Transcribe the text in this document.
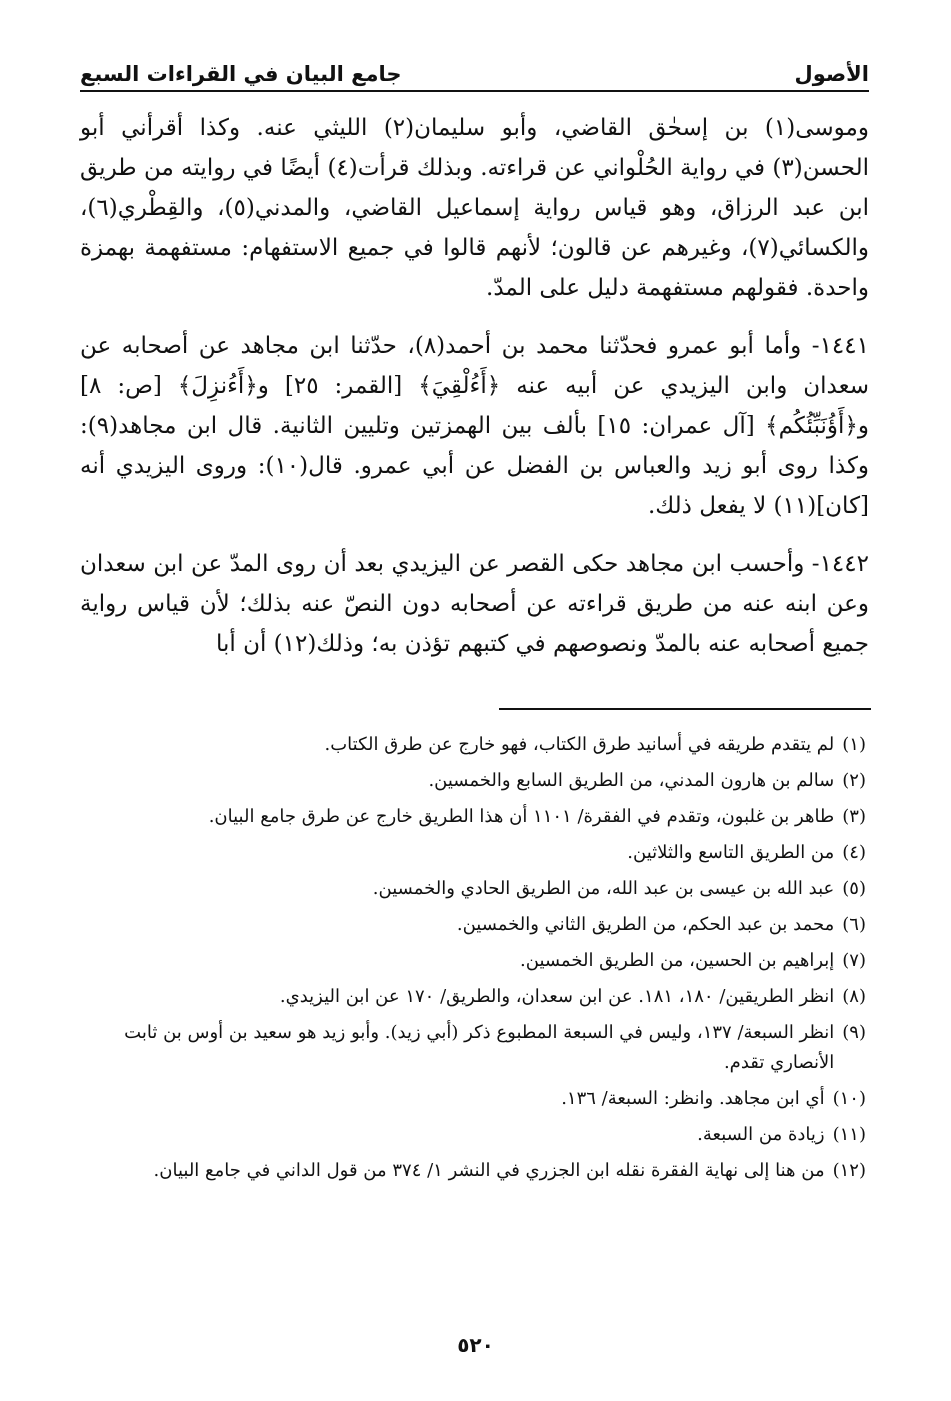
الأصول
جامع البيان في القراءات السبع

وموسى(١) بن إسحٰق القاضي، وأبو سليمان(٢) الليثي عنه. وكذا أقرأني أبو الحسن(٣) في رواية الحُلْواني عن قراءته. وبذلك قرأت(٤) أيضًا في روايته من طريق ابن عبد الرزاق، وهو قياس رواية إسماعيل القاضي، والمدني(٥)، والقِطْري(٦)، والكسائي(٧)، وغيرهم عن قالون؛ لأنهم قالوا في جميع الاستفهام: مستفهمة بهمزة واحدة. فقولهم مستفهمة دليل على المدّ.

١٤٤١- وأما أبو عمرو فحدّثنا محمد بن أحمد(٨)، حدّثنا ابن مجاهد عن أصحابه عن سعدان وابن اليزيدي عن أبيه عنه ﴿أَءُلْقِيَ﴾ [القمر: ٢٥] و﴿أَءُنزِلَ﴾ [ص: ٨] و﴿أَؤُنَبِّئُكُم﴾ [آل عمران: ١٥] بألف بين الهمزتين وتليين الثانية. قال ابن مجاهد(٩): وكذا روى أبو زيد والعباس بن الفضل عن أبي عمرو. قال(١٠): وروى اليزيدي أنه [كان](١١) لا يفعل ذلك.

١٤٤٢- وأحسب ابن مجاهد حكى القصر عن اليزيدي بعد أن روى المدّ عن ابن سعدان وعن ابنه عنه من طريق قراءته عن أصحابه دون النصّ عنه بذلك؛ لأن قياس رواية جميع أصحابه عنه بالمدّ ونصوصهم في كتبهم تؤذن به؛ وذلك(١٢) أن أبا

(١)
لم يتقدم طريقه في أسانيد طرق الكتاب، فهو خارج عن طرق الكتاب.
(٢)
سالم بن هارون المدني، من الطريق السابع والخمسين.
(٣)
طاهر بن غلبون، وتقدم في الفقرة/ ١١٠١ أن هذا الطريق خارج عن طرق جامع البيان.
(٤)
من الطريق التاسع والثلاثين.
(٥)
عبد الله بن عيسى بن عبد الله، من الطريق الحادي والخمسين.
(٦)
محمد بن عبد الحكم، من الطريق الثاني والخمسين.
(٧)
إبراهيم بن الحسين، من الطريق الخمسين.
(٨)
انظر الطريقين/ ١٨٠، ١٨١. عن ابن سعدان، والطريق/ ١٧٠ عن ابن اليزيدي.
(٩)
انظر السبعة/ ١٣٧، وليس في السبعة المطبوع ذكر (أبي زيد). وأبو زيد هو سعيد بن أوس بن ثابت الأنصاري تقدم.
(١٠)
أي ابن مجاهد. وانظر: السبعة/ ١٣٦.
(١١)
زيادة من السبعة.
(١٢)
من هنا إلى نهاية الفقرة نقله ابن الجزري في النشر ١/ ٣٧٤ من قول الداني في جامع البيان.
٥٢٠
